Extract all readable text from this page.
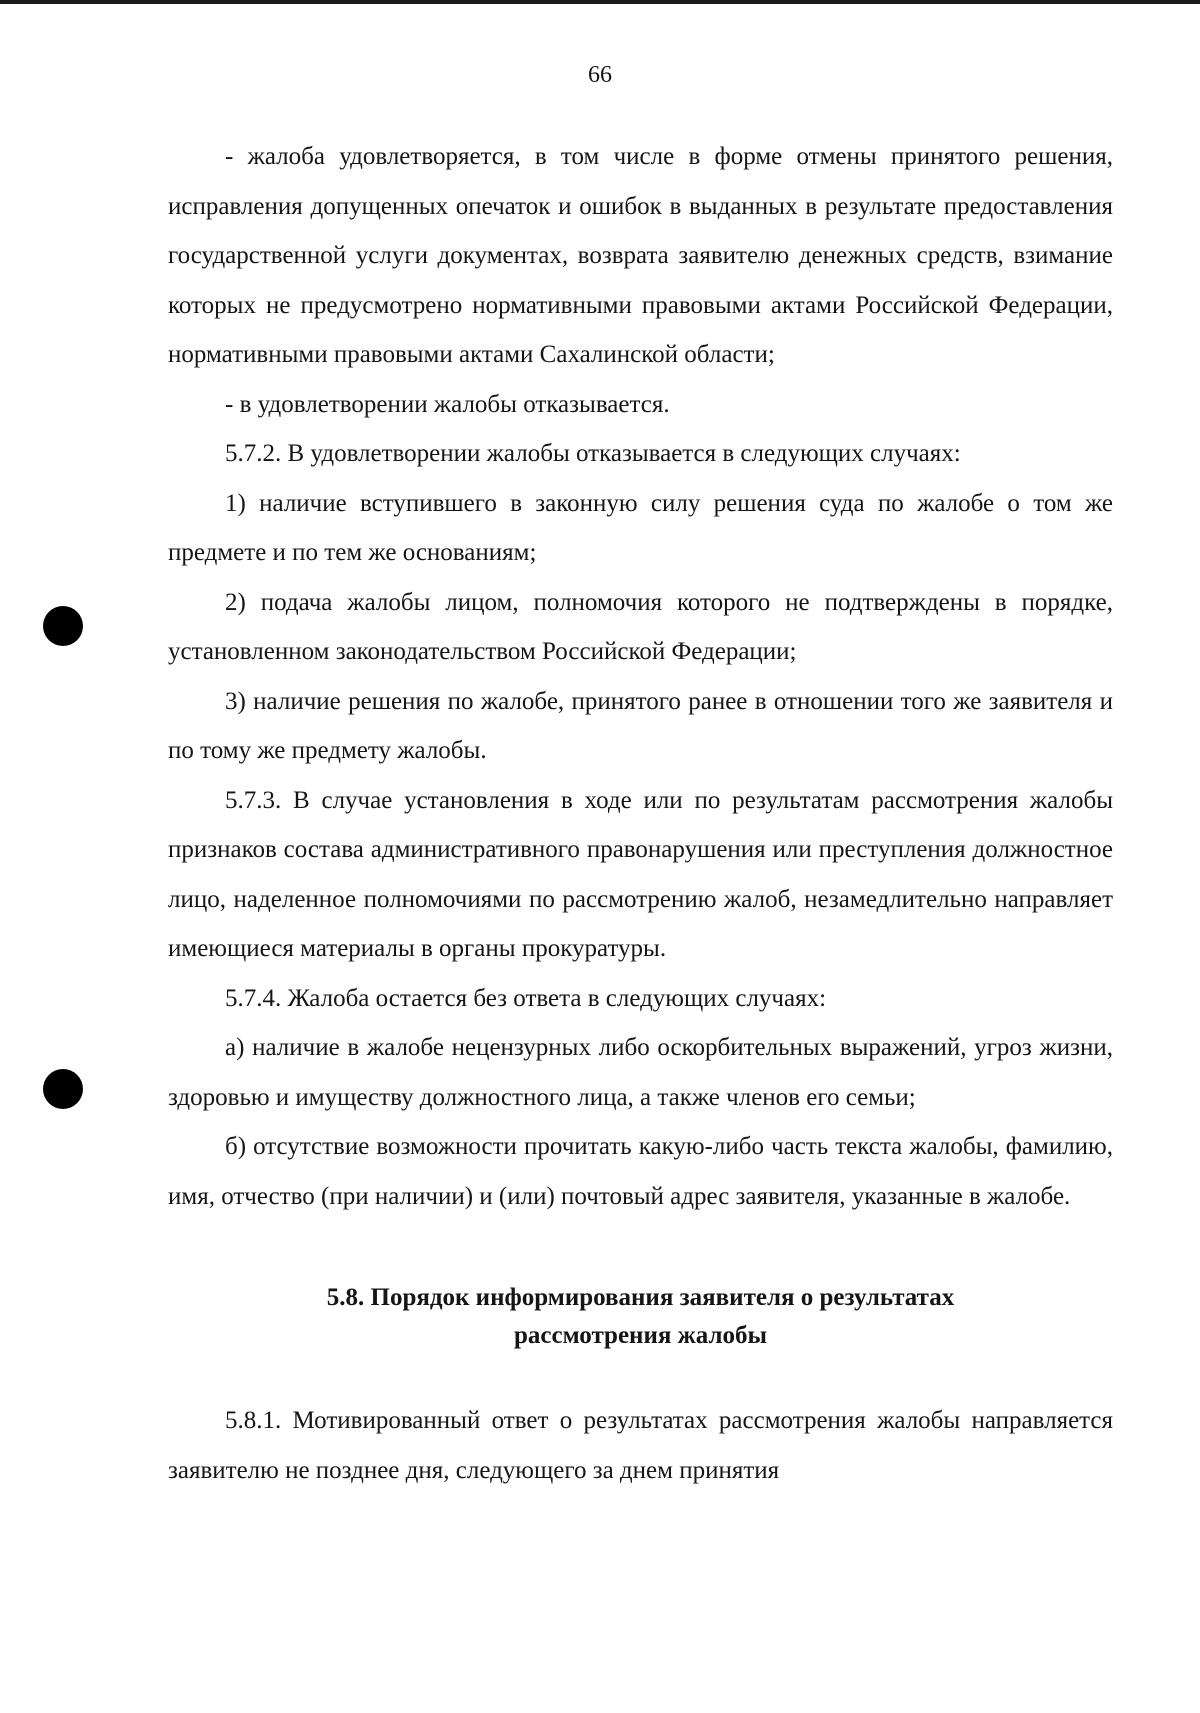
66

- жалоба удовлетворяется, в том числе в форме отмены принятого решения, исправления допущенных опечаток и ошибок в выданных в результате предоставления государственной услуги документах, возврата заявителю денежных средств, взимание которых не предусмотрено нормативными правовыми актами Российской Федерации, нормативными правовыми актами Сахалинской области;

- в удовлетворении жалобы отказывается.

5.7.2. В удовлетворении жалобы отказывается в следующих случаях:

1) наличие вступившего в законную силу решения суда по жалобе о том же предмете и по тем же основаниям;

2) подача жалобы лицом, полномочия которого не подтверждены в порядке, установленном законодательством Российской Федерации;

3) наличие решения по жалобе, принятого ранее в отношении того же заявителя и по тому же предмету жалобы.

5.7.3. В случае установления в ходе или по результатам рассмотрения жалобы признаков состава административного правонарушения или преступления должностное лицо, наделенное полномочиями по рассмотрению жалоб, незамедлительно направляет имеющиеся материалы в органы прокуратуры.

5.7.4. Жалоба остается без ответа в следующих случаях:

а) наличие в жалобе нецензурных либо оскорбительных выражений, угроз жизни, здоровью и имуществу должностного лица, а также членов его семьи;

б) отсутствие возможности прочитать какую-либо часть текста жалобы, фамилию, имя, отчество (при наличии) и (или) почтовый адрес заявителя, указанные в жалобе.

5.8. Порядок информирования заявителя о результатах
рассмотрения жалобы

5.8.1. Мотивированный ответ о результатах рассмотрения жалобы направляется заявителю не позднее дня, следующего за днем принятия
